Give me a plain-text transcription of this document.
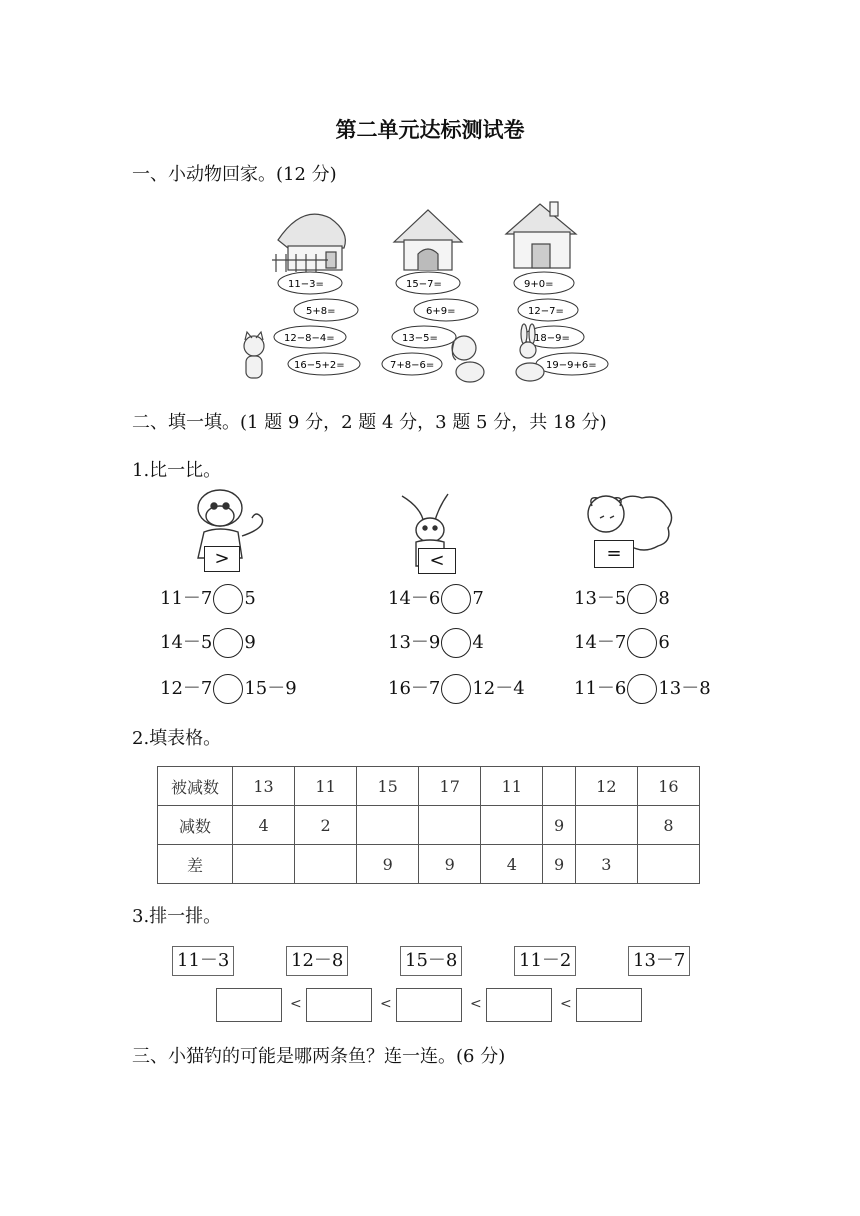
第二单元达标测试卷
一、小动物回家。(12 分)
11−3=
5+8=
12−8−4=
16−5+2=
15−7=
6+9=
13−5=
7+8−6=
9+0=
12−7=
18−9=
19−9+6=
二、填一填。(1 题 9 分，2 题 4 分，3 题 5 分，共 18 分)
1.比一比。
>	<	=
11－7 5	14－6 7	13－5 8
14－5 9	13－9 4	14－7 6
12－7 15－9	16－7 12－4	11－6 13－8
2.填表格。
被减数	13	11	15	17	11		12	16
减数	4	2				9		8
差			9	9	4	9	3	
3.排一排。
11－3	12－8	15－8	11－2	13－7
<	<	<	<
三、小猫钓的可能是哪两条鱼？连一连。(6 分)
